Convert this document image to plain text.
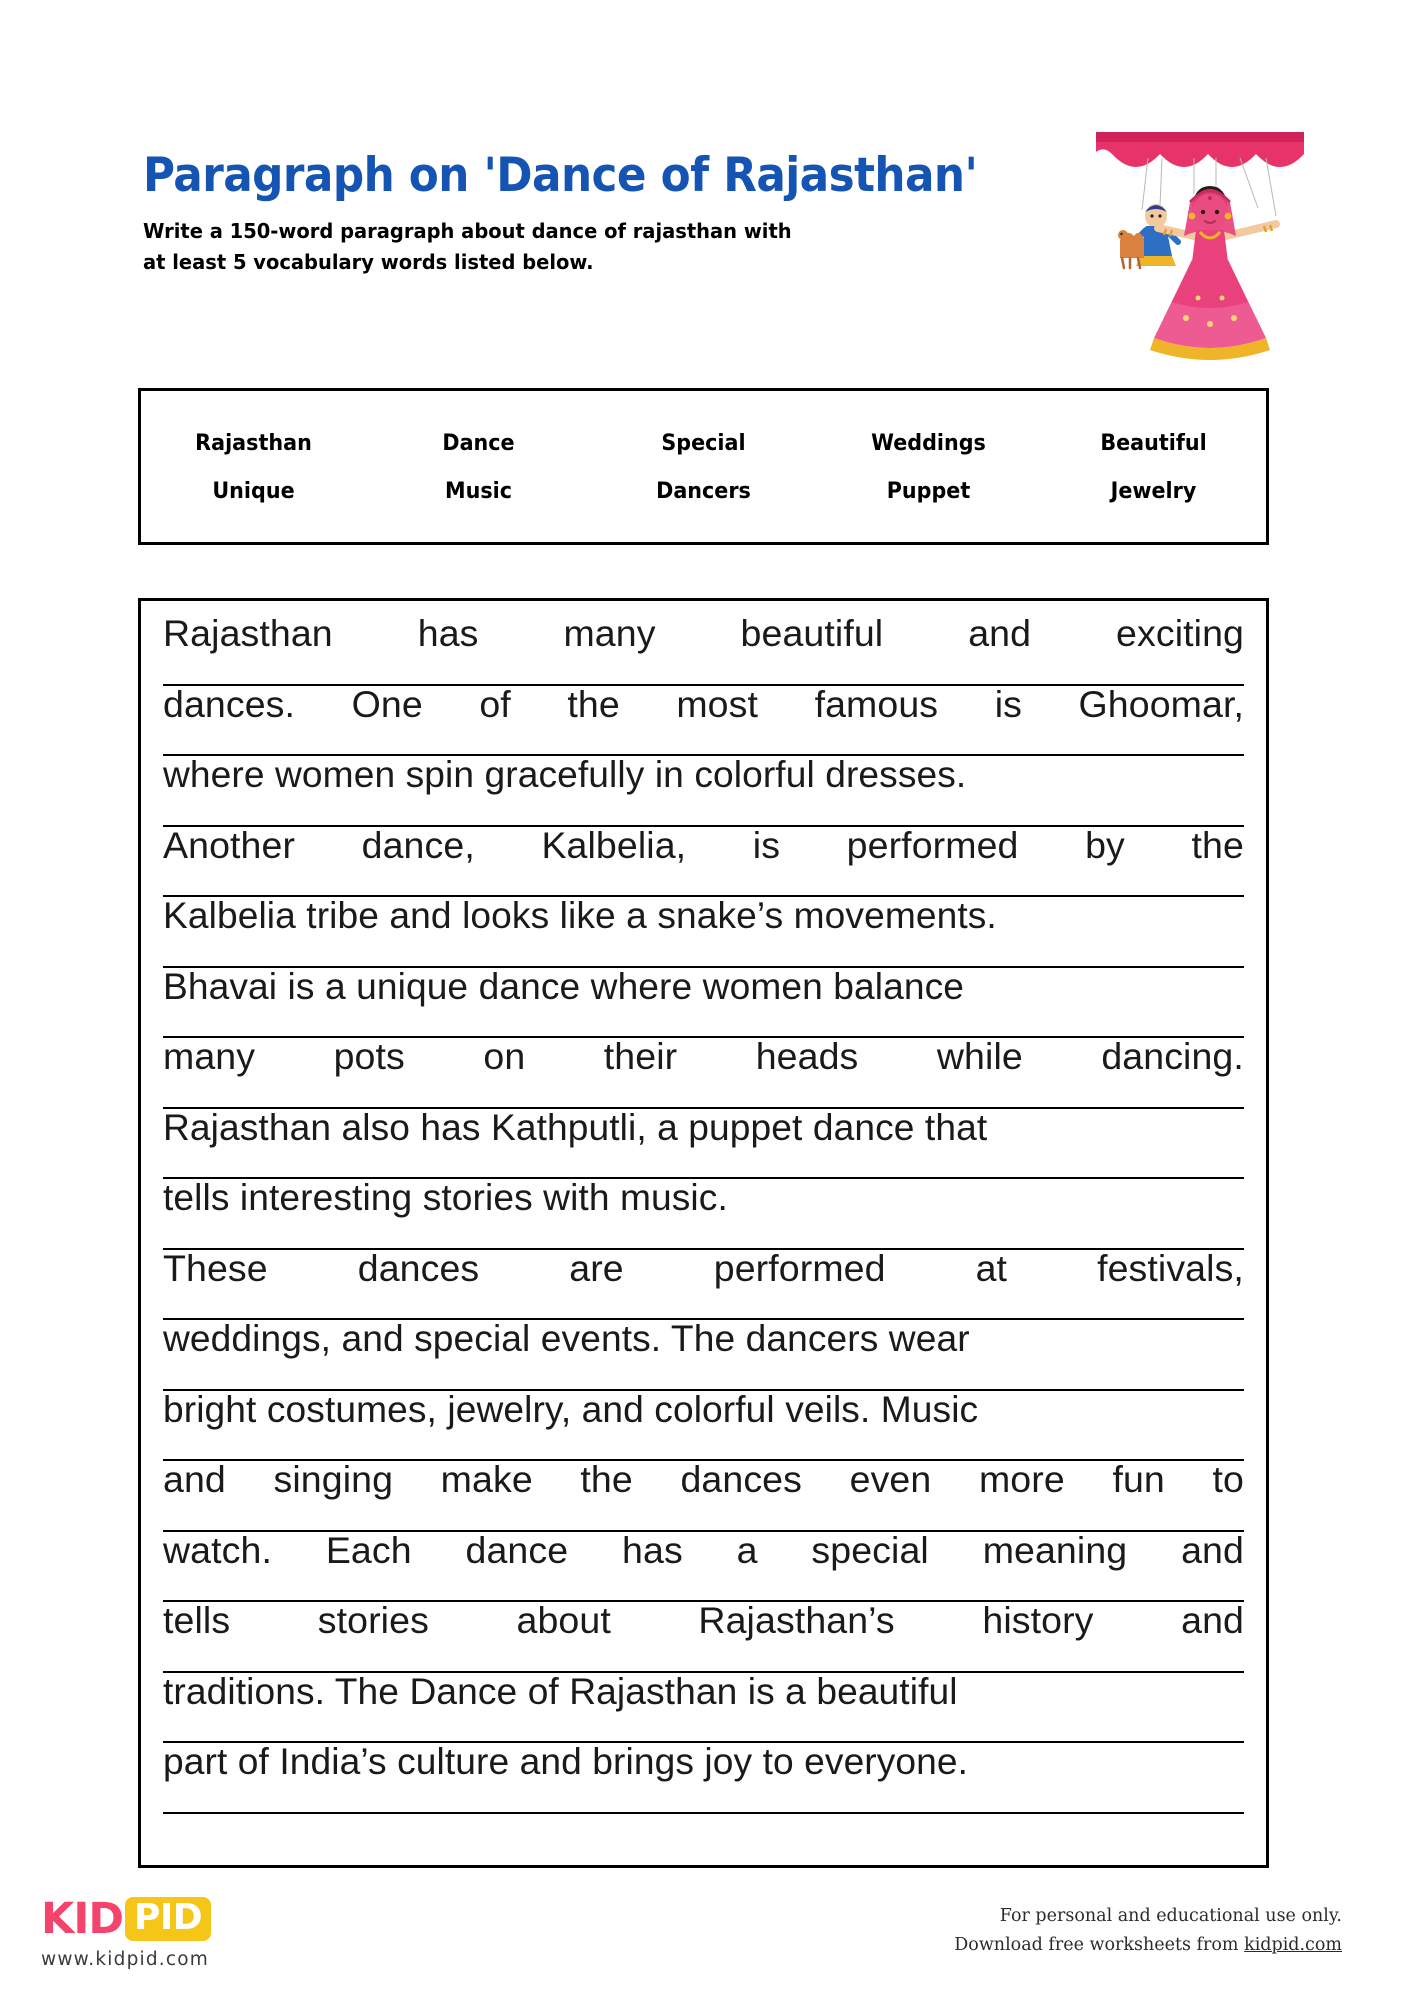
Paragraph on 'Dance of Rajasthan'
Write a 150-word paragraph about dance of rajasthan with
at least 5 vocabulary words listed below.
Rajasthan	Dance	Special	Weddings	Beautiful
Unique	Music	Dancers	Puppet	Jewelry
Rajasthan has many beautiful and exciting
dances. One of the most famous is Ghoomar,
where women spin gracefully in colorful dresses.
Another dance, Kalbelia, is performed by the
Kalbelia tribe and looks like a snake’s movements.
Bhavai is a unique dance where women balance
many pots on their heads while dancing.
Rajasthan also has Kathputli, a puppet dance that
tells interesting stories with music.
These dances are performed at festivals,
weddings, and special events. The dancers wear
bright costumes, jewelry, and colorful veils. Music
and singing make the dances even more fun to
watch. Each dance has a special meaning and
tells stories about Rajasthan’s history and
traditions. The Dance of Rajasthan is a beautiful
part of India’s culture and brings joy to everyone.
KID PID
www.kidpid.com
For personal and educational use only.
Download free worksheets from kidpid.com
